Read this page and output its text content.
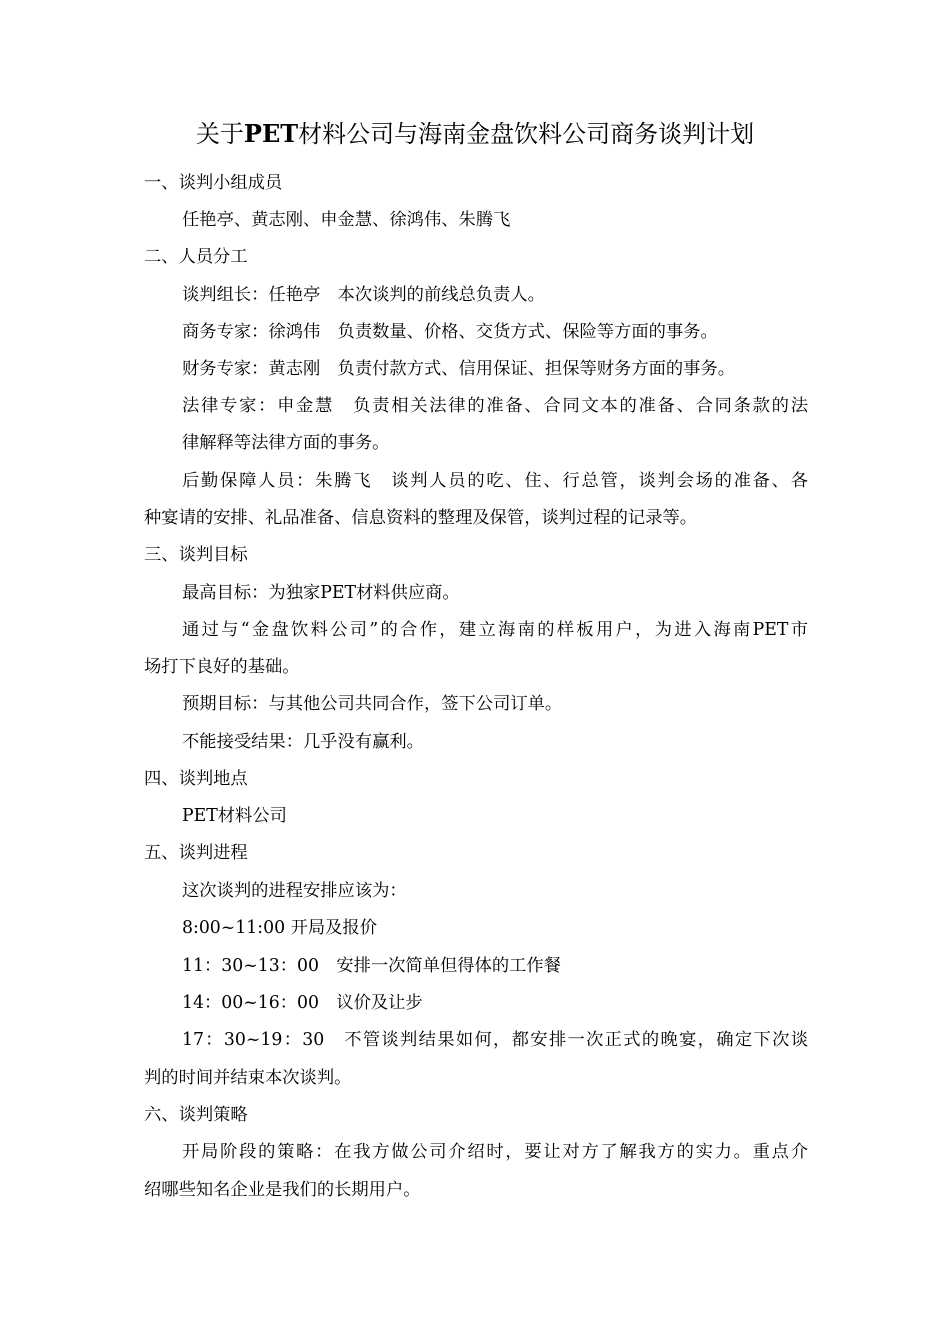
关于PET材料公司与海南金盘饮料公司商务谈判计划
一、谈判小组成员
任艳亭、黄志刚、申金慧、徐鸿伟、朱腾飞
二、人员分工
谈判组长：任艳亭　本次谈判的前线总负责人。
商务专家：徐鸿伟　负责数量、价格、交货方式、保险等方面的事务。
财务专家：黄志刚　负责付款方式、信用保证、担保等财务方面的事务。
法律专家：申金慧　负责相关法律的准备、合同文本的准备、合同条款的法
律解释等法律方面的事务。
后勤保障人员：朱腾飞　谈判人员的吃、住、行总管，谈判会场的准备、各
种宴请的安排、礼品准备、信息资料的整理及保管，谈判过程的记录等。
三、谈判目标
最高目标：为独家PET材料供应商。
通过与“金盘饮料公司”的合作，建立海南的样板用户，为进入海南PET市
场打下良好的基础。
预期目标：与其他公司共同合作，签下公司订单。
不能接受结果：几乎没有赢利。
四、谈判地点
PET材料公司
五、谈判进程
这次谈判的进程安排应该为：
8:00~11:00 开局及报价
11：30~13：00　安排一次简单但得体的工作餐
14：00~16：00　议价及让步
17：30~19：30　不管谈判结果如何，都安排一次正式的晚宴，确定下次谈
判的时间并结束本次谈判。
六、谈判策略
开局阶段的策略：在我方做公司介绍时，要让对方了解我方的实力。重点介
绍哪些知名企业是我们的长期用户。
